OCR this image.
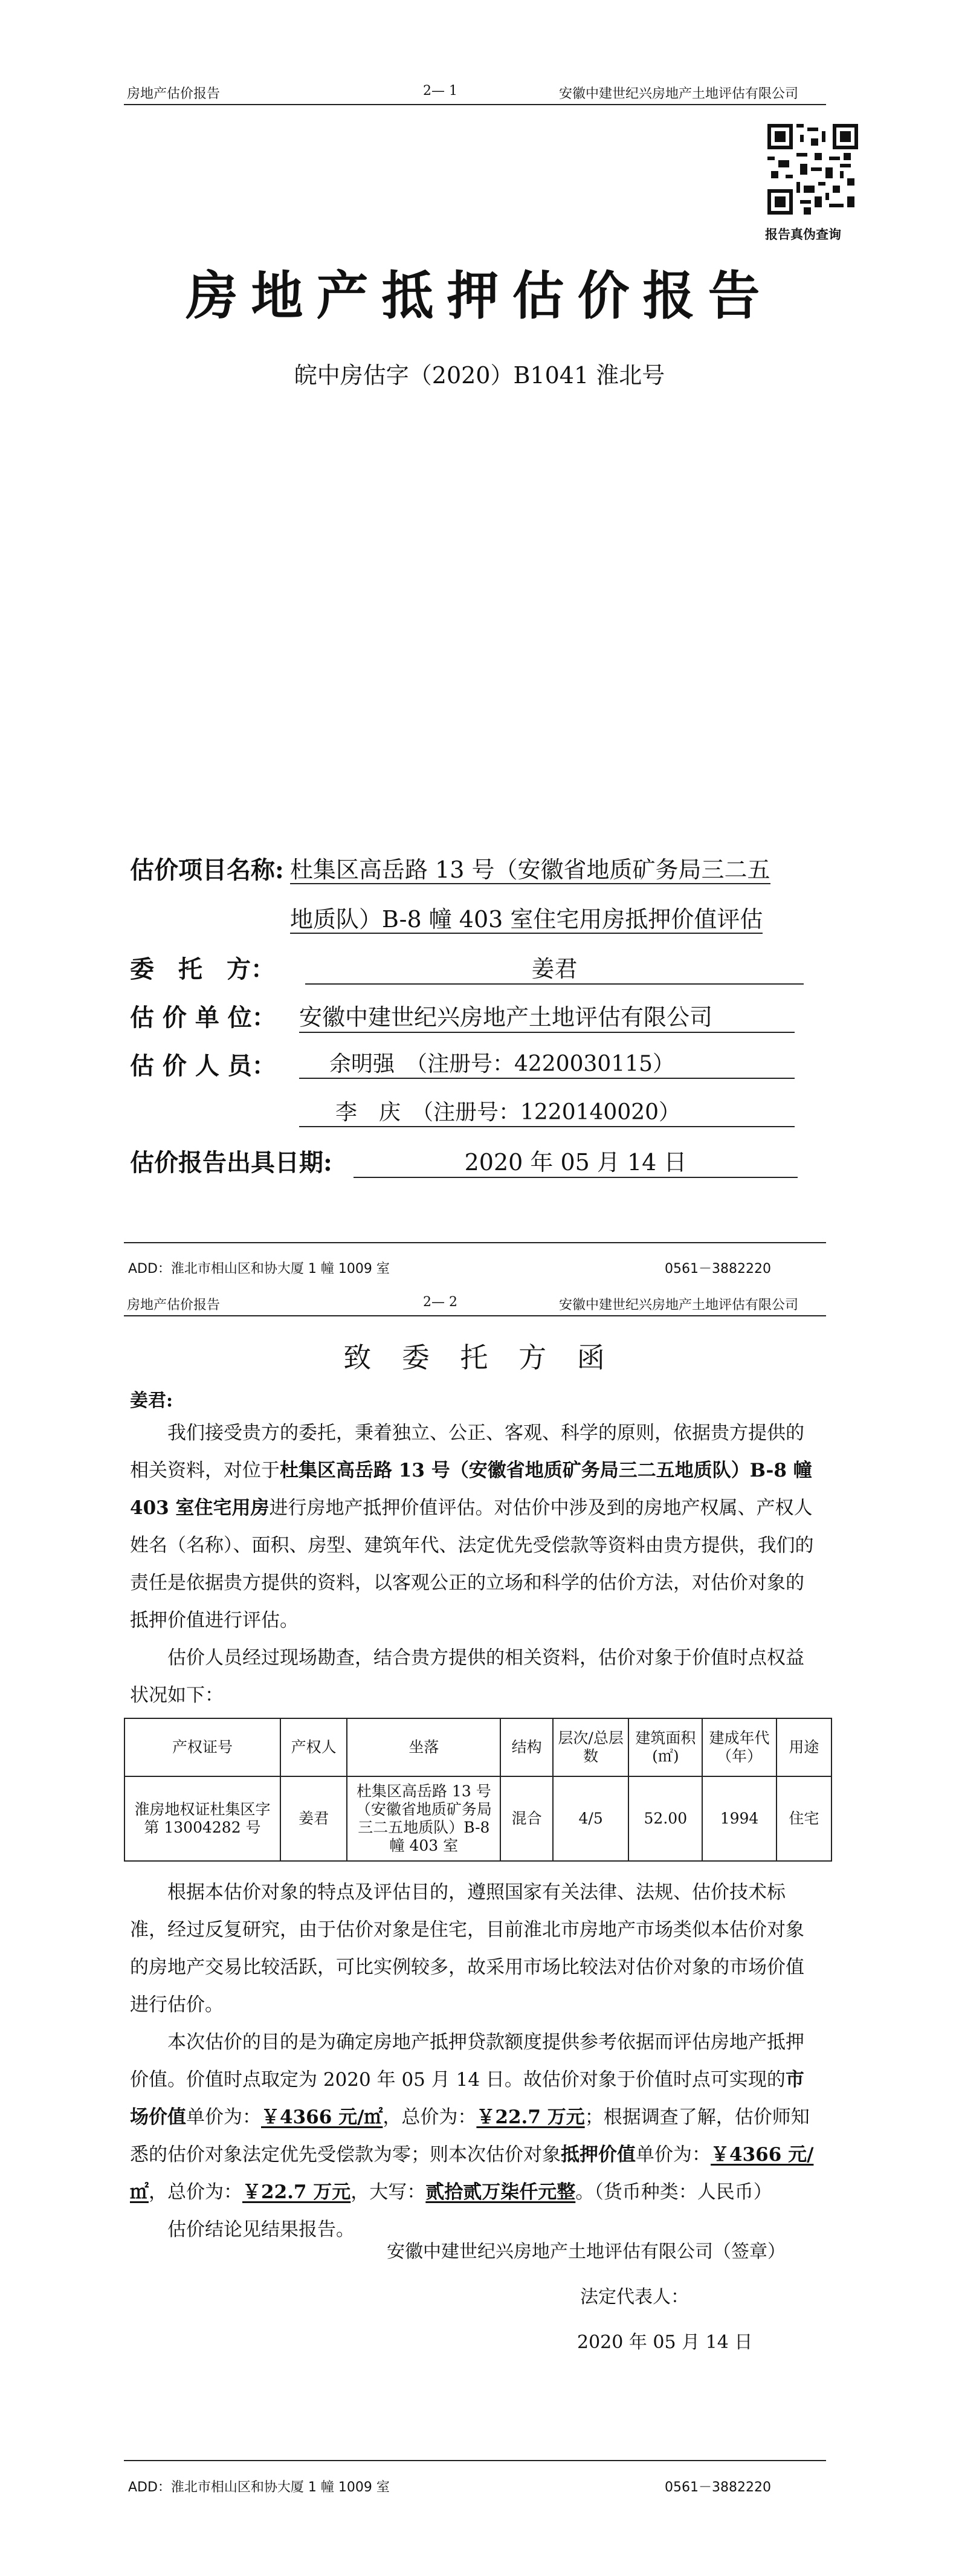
房地产估价报告	2— 1	安徽中建世纪兴房地产土地评估有限公司
报告真伪查询
房地产抵押估价报告
皖中房估字（2020）B1041 淮北号
估价项目名称: 杜集区高岳路 13 号（安徽省地质矿务局三二五
地质队）B-8 幢 403 室住宅用房抵押价值评估
委　托　方：	姜君
估 价 单 位： 安徽中建世纪兴房地产土地评估有限公司
估 价 人 员：	余明强　（注册号：4220030115）
李　庆　（注册号：1220140020）
估价报告出具日期:	2020 年 05 月 14 日
ADD：淮北市相山区和协大厦 1 幢 1009 室	0561－3882220
房地产估价报告	2— 2	安徽中建世纪兴房地产土地评估有限公司
致 委 托 方 函
姜君:

我们接受贵方的委托，秉着独立、公正、客观、科学的原则，依据贵方提供的相关资料，对位于杜集区高岳路 13 号（安徽省地质矿务局三二五地质队）B-8 幢 403 室住宅用房进行房地产抵押价值评估。对估价中涉及到的房地产权属、产权人姓名（名称）、面积、房型、建筑年代、法定优先受偿款等资料由贵方提供，我们的责任是依据贵方提供的资料，以客观公正的立场和科学的估价方法，对估价对象的抵押价值进行评估。

估价人员经过现场勘查，结合贵方提供的相关资料，估价对象于价值时点权益状况如下：

产权证号	产权人	坐落	结构	层次/总层数	建筑面积(㎡)	建成年代（年）	用途
淮房地权证杜集区字第 13004282 号	姜君	杜集区高岳路 13 号（安徽省地质矿务局三二五地质队）B-8 幢 403 室	混合	4/5	52.00	1994	住宅

根据本估价对象的特点及评估目的，遵照国家有关法律、法规、估价技术标准，经过反复研究，由于估价对象是住宅，目前淮北市房地产市场类似本估价对象的房地产交易比较活跃，可比实例较多，故采用市场比较法对估价对象的市场价值进行估价。

本次估价的目的是为确定房地产抵押贷款额度提供参考依据而评估房地产抵押价值。价值时点取定为 2020 年 05 月 14 日。故估价对象于价值时点可实现的市场价值单价为：￥4366 元/㎡，总价为：￥22.7 万元；根据调查了解，估价师知悉的估价对象法定优先受偿款为零；则本次估价对象抵押价值单价为：￥4366 元/㎡，总价为：￥22.7 万元，大写：贰拾贰万柒仟元整。（货币种类：人民币）

估价结论见结果报告。

安徽中建世纪兴房地产土地评估有限公司（签章）
法定代表人：
2020 年 05 月 14 日
ADD：淮北市相山区和协大厦 1 幢 1009 室	0561－3882220
